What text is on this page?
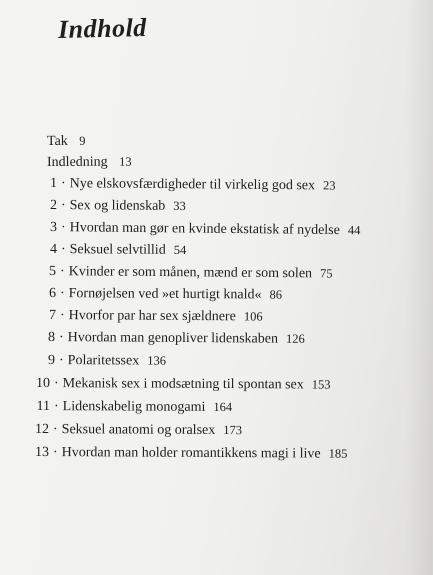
Indhold
Tak 9
Indledning 13
1 · Nye elskovsfærdigheder til virkelig god sex 23
2 · Sex og lidenskab 33
3 · Hvordan man gør en kvinde ekstatisk af nydelse 44
4 · Seksuel selvtillid 54
5 · Kvinder er som månen, mænd er som solen 75
6 · Fornøjelsen ved »et hurtigt knald« 86
7 · Hvorfor par har sex sjældnere 106
8 · Hvordan man genopliver lidenskaben 126
9 · Polaritetssex 136
10 · Mekanisk sex i modsætning til spontan sex 153
11 · Lidenskabelig monogami 164
12 · Seksuel anatomi og oralsex 173
13 · Hvordan man holder romantikkens magi i live 185
